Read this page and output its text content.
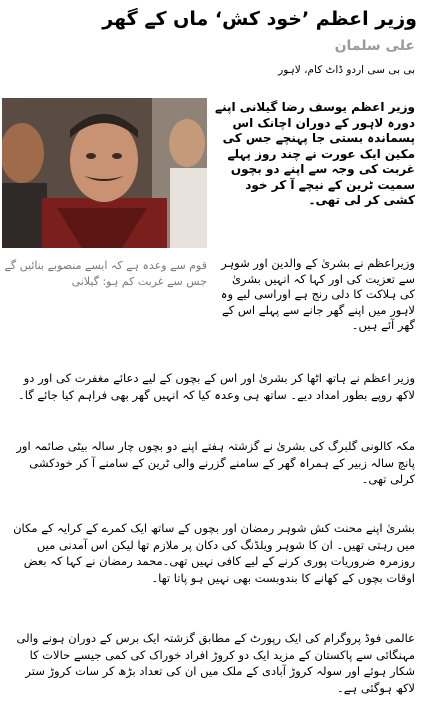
وزیر اعظم ’خود کش‘ ماں کے گھر
علی سلمان
بی بی سی اردو ڈاٹ کام، لاہور
قوم سے وعدہ ہے کہ ایسے منصوبے بنائیں گے جس سے غربت کم ہو: گیلانی

وزیر اعظم یوسف رضا گیلانی اپنے دورہ لاہور کے دوران اچانک اس پسماندہ بستی جا پہنچے جس کی مکین ایک عورت نے چند روز پہلے غربت کی وجہ سے اپنے دو بچوں سمیت ٹرین کے نیچے آ کر خود کشی کر لی تھی۔

وزیراعظم نے بشریٰ کے والدین اور شوہر سے تعزیت کی اور کہا کہ انہیں بشریٰ کی ہلاکت کا دلی رنج ہے اوراسی لیے وہ لاہور میں اپنے گھر جانے سے پہلے اس کے گھر آئے ہیں۔

وزیر اعظم نے ہاتھ اٹھا کر بشریٰ اور اس کے بچوں کے لیے دعائے مغفرت کی اور دو لاکھ روپے بطور امداد دیے۔ ساتھ ہی وعدہ کیا کہ انہیں گھر بھی فراہم کیا جائے گا۔

مکہ کالونی گلبرگ کی بشریٰ نے گزشتہ ہفتے اپنے دو بچوں چار سالہ بیٹی صائمہ اور پانچ سالہ زبیر کے ہمراہ گھر کے سامنے گزرنے والی ٹرین کے سامنے آ کر خودکشی کرلی تھی۔

بشریٰ اپنے محنت کش شوہر رمضان اور بچوں کے ساتھ ایک کمرے کے کرایہ کے مکان میں رہتی تھیں۔ ان کا شوہر ویلڈنگ کی دکان پر ملازم تھا لیکن اس آمدنی میں روزمرہ ضروریات پوری کرنے کے لیے کافی نہیں تھی۔محمد رمضان نے کہا کہ بعض اوقات بچوں کے کھانے کا بندوبست بھی نہیں ہو پاتا تھا۔

عالمی فوڈ پروگرام کی ایک رپورٹ کے مطابق گزشتہ ایک برس کے دوران ہونے والی مہنگائی سے پاکستان کے مزید ایک دو کروڑ افراد خوراک کی کمی جیسے حالات کا شکار ہوئے اور سولہ کروڑ آبادی کے ملک میں ان کی تعداد بڑھ کر سات کروڑ ستر لاکھ ہوگئی ہے۔
